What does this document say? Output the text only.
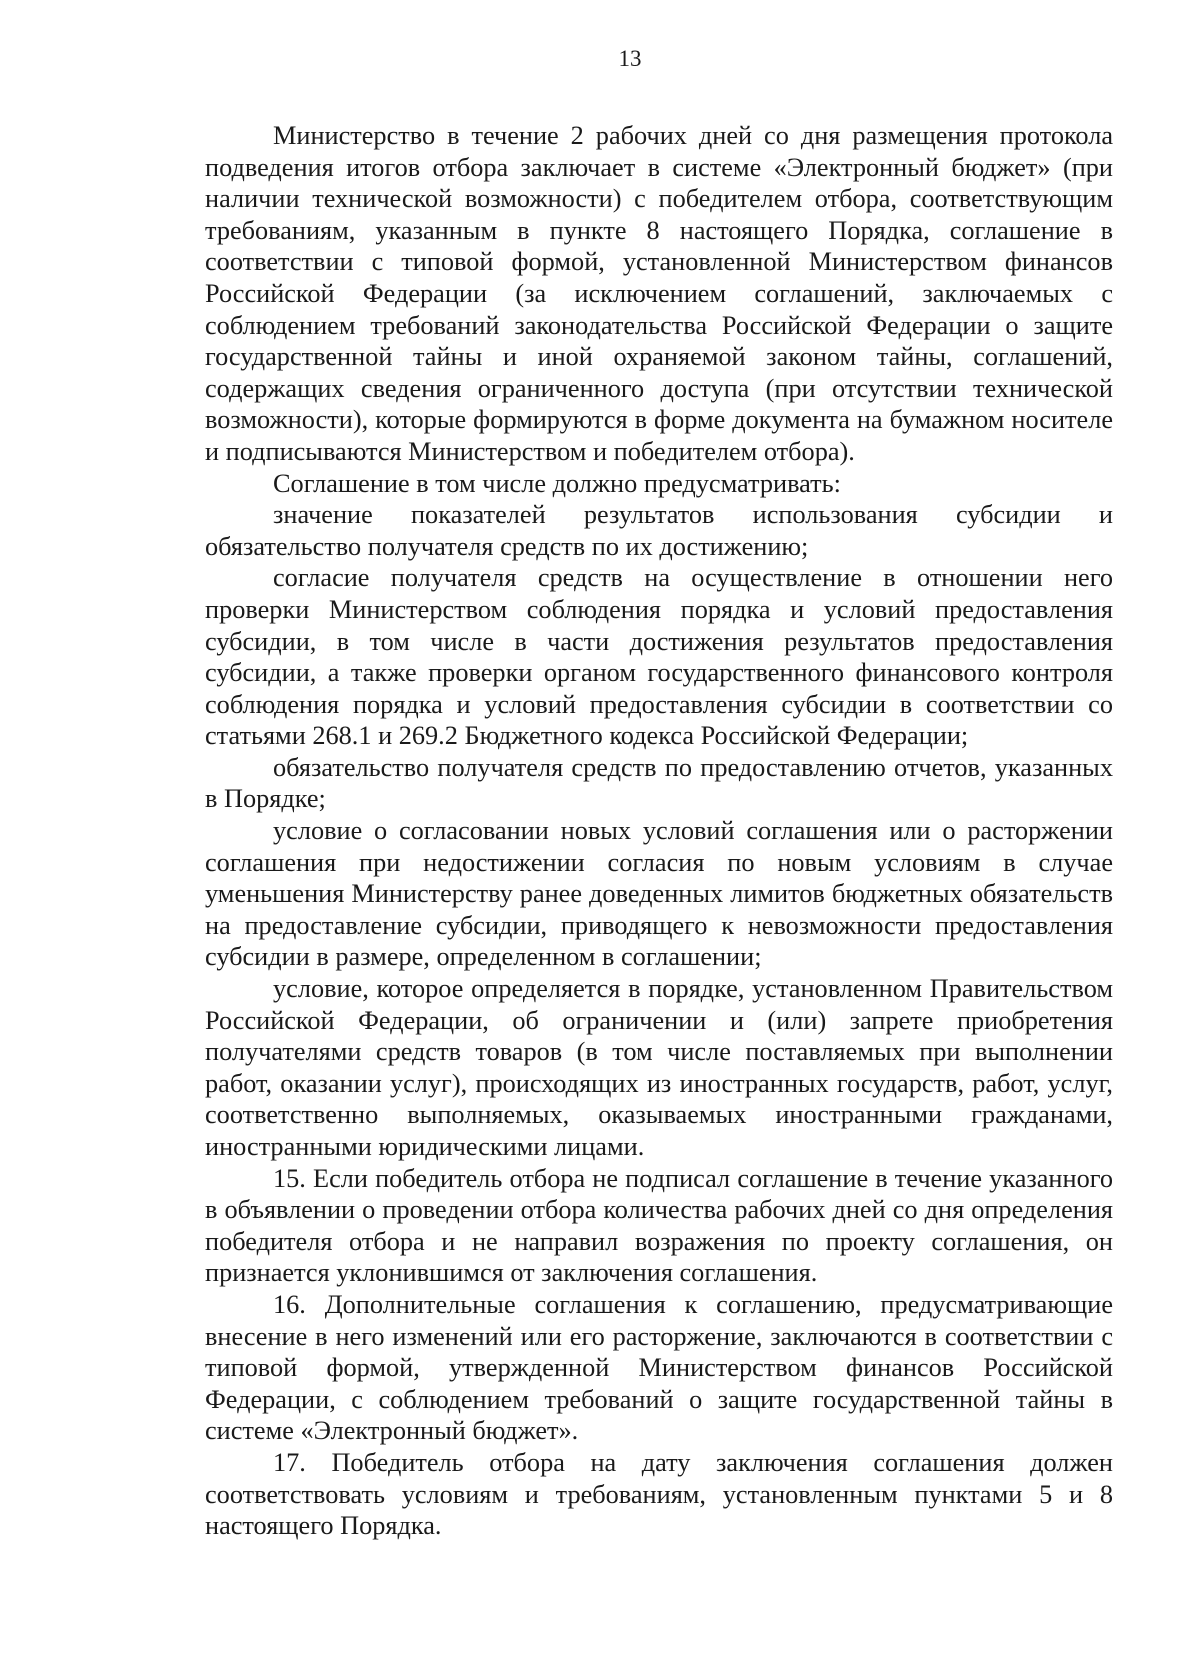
13

Министерство в течение 2 рабочих дней со дня размещения протокола подведения итогов отбора заключает в системе «Электронный бюджет» (при наличии технической возможности) с победителем отбора, соответствующим требованиям, указанным в пункте 8 настоящего Порядка, соглашение в соответствии с типовой формой, установленной Министерством финансов Российской Федерации (за исключением соглашений, заключаемых с соблюдением требований законодательства Российской Федерации о защите государственной тайны и иной охраняемой законом тайны, соглашений, содержащих сведения ограниченного доступа (при отсутствии технической возможности), которые формируются в форме документа на бумажном носителе и подписываются Министерством и победителем отбора).

Соглашение в том числе должно предусматривать:

значение показателей результатов использования субсидии и обязательство получателя средств по их достижению;

согласие получателя средств на осуществление в отношении него проверки Министерством соблюдения порядка и условий предоставления субсидии, в том числе в части достижения результатов предоставления субсидии, а также проверки органом государственного финансового контроля соблюдения порядка и условий предоставления субсидии в соответствии со статьями 268.1 и 269.2 Бюджетного кодекса Российской Федерации;

обязательство получателя средств по предоставлению отчетов, указанных в Порядке;

условие о согласовании новых условий соглашения или о расторжении соглашения при недостижении согласия по новым условиям в случае уменьшения Министерству ранее доведенных лимитов бюджетных обязательств на предоставление субсидии, приводящего к невозможности предоставления субсидии в размере, определенном в соглашении;

условие, которое определяется в порядке, установленном Правительством Российской Федерации, об ограничении и (или) запрете приобретения получателями средств товаров (в том числе поставляемых при выполнении работ, оказании услуг), происходящих из иностранных государств, работ, услуг, соответственно выполняемых, оказываемых иностранными гражданами, иностранными юридическими лицами.

15. Если победитель отбора не подписал соглашение в течение указанного в объявлении о проведении отбора количества рабочих дней со дня определения победителя отбора и не направил возражения по проекту соглашения, он признается уклонившимся от заключения соглашения.

16. Дополнительные соглашения к соглашению, предусматривающие внесение в него изменений или его расторжение, заключаются в соответствии с типовой формой, утвержденной Министерством финансов Российской Федерации, с соблюдением требований о защите государственной тайны в системе «Электронный бюджет».

17. Победитель отбора на дату заключения соглашения должен соответствовать условиям и требованиям, установленным пунктами 5 и 8 настоящего Порядка.
